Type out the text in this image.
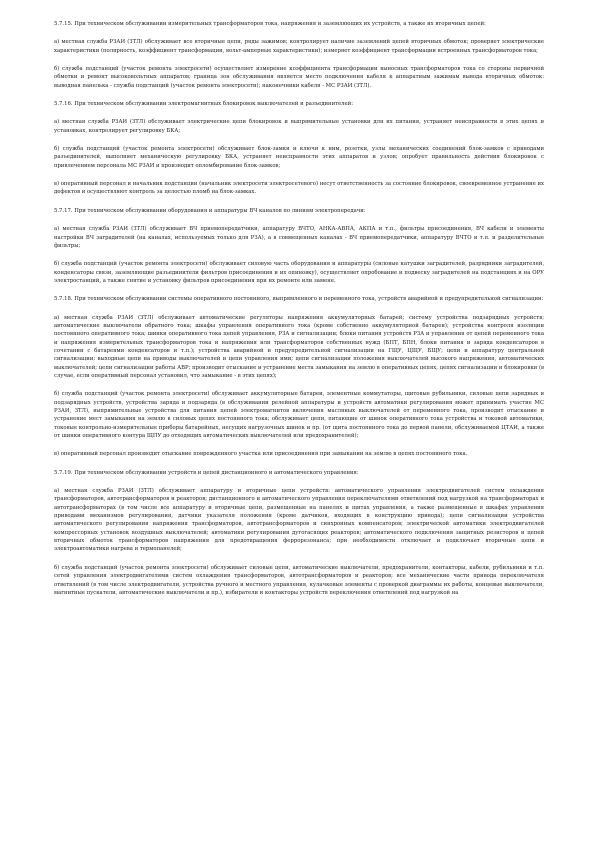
5.7.15. При техническом обслуживании измерительных трансформаторов тока, напряжения и заземляющих их устройств, а также их вторичных цепей:

а) местная служба РЗАИ (ЗТЛ) обслуживает все вторичные цепи, ряды зажимов; контролирует наличие заземлений цепей вторичных обмоток; проверяет электрические характеристики (полярность, коэффициент трансформации, вольт-амперные характеристики); измеряет коэффициент трансформации встроенных трансформаторов тока;

б) служба подстанций (участок ремонта электросети) осуществляет измерение коэффициента трансформации выносных трансформаторов тока со стороны первичной обмотки и ремонт высоковольтных аппаратов; граница зон обслуживания является место подключения кабеля к аппаратным зажимам вывода вторичных обмоток: выводная панелька - служба подстанций (участок ремонта электросети); наконечники кабеля - МС РЗАИ (ЗТЛ).

5.7.16. При техническом обслуживании электромагнитных блокировок выключателей и разъединителей:

а) местная служба РЗАИ (ЗТЛ) обслуживает электрические цепи блокировок и выпрямительные установки для их питания, устраняет неисправности в этих цепях и установках, контролирует регулировку БКА;

б) служба подстанций (участок ремонта электросети) обслуживает блок-замки и ключи к ним, розетки, узлы механических соединений блок-замков с приводами разъединителей, выполняет механическую регулировку БКА, устраняет неисправности этих аппаратов и узлов; опробует правильность действия блокировок с привлечением персонала МС РЗАИ и производит опломбирование блок-замков;

в) оперативный персонал и начальник подстанции (начальник электросети электросетевого) несут ответственность за состояние блокировок, своевременное устранение их дефектов и осуществляют контроль за целостью пломб на блок-замках.

5.7.17. При техническом обслуживании оборудования и аппаратуры ВЧ каналов по линиям электропередачи:

а) местная служба РЗАИ (ЗТЛ) обслуживает ВЧ приемопередатчики, аппаратуру ВЧТО, АНКА-АВПА, АКПА и т.п., фильтры присоединения, ВЧ кабели и элементы настройки ВЧ заградителей (на каналах, используемых только для РЗА), а в совмещенных каналах - ВЧ приемопередатчики, аппаратуру ВЧТО и т.п. и разделительные фильтры;

б) служба подстанций (участок ремонта электросети) обслуживает силовую часть оборудования и аппаратуры (силовые катушки заградителей, разрядники заградителей, конденсаторы связи, заземляющие разъединители фильтров присоединения и их опиновку), осуществляет опробование и подвеску заградителей на подстанциях и на ОРУ электростанций, а также снятие и установку фильтров присоединения при их ремонте или замене.

5.7.18. При техническом обслуживании системы оперативного постоянного, выпрямленного и переменного тока, устройств аварийной и предупредительной сигнализации:

а) местная служба РЗАИ (ЗТЛ) обслуживает автоматические регуляторы напряжения аккумуляторных батарей; систему устройства подзарядных устройств; автоматические выключатели обратного тока; шкафы управления оперативного тока (кроме собственно аккумуляторной батареи); устройства контроля изоляции постоянного оперативного тока; шинки оперативного тока цепей управления, РЗА и сигнализации; блоки питания устройств РЗА и управления от цепей переменного тока и напряжения измерительных трансформаторов тока и напряжения или трансформаторов собственных нужд (БПТ, БПН, блоки питания и заряда конденсаторов в сочетании с батареями конденсаторов и т.п.); устройства аварийной и предупредительной сигнализации на ГЩУ, ЦЩУ, БЩУ; цепи и аппаратуру центральной сигнализации; выходные цепи на приводы выключателей и цепи управления ими; цепи сигнализации положения выключателей высокого напряжения, автоматических выключателей; цепи сигнализации работы АВР; производит отыскание и устранение места замыкания на землю в оперативных цепях, цепях сигнализации и блокировки (в случае, если оперативный персонал установил, что замыкание - в этих цепях);

б) служба подстанций (участок ремонта электросети) обслуживает аккумуляторные батареи, элементные коммутаторы, щитовые рубильники, силовые цепи зарядных и подзарядных устройств, устройства заряда и подзаряда (в обслуживании релейной аппаратуры и устройств автоматики регулирования может принимать участие МС РЗАИ, ЗТЛ), выпрямительные устройства для питания цепей электромагнитов включения масляных выключателей от переменного тока, производит отыскание и устранение мест замыкания на землю в силовых цепях постоянного тока; обслуживает цепи, питающие от шинок оперативного тока устройства и токовой автоматики, токовые контрольно-измерительные приборы батарейных, несущих нагрузочных шинок и пр. (от щита постоянного тока до первой панели, обслуживаемой ЦТАИ, а также от шинки оперативного контура ЩПУ до отходящих автоматических выключателей или предохранителей);

в) оперативный персонал производит отыскание поврежденного участка или присоединения при замыкании на землю в цепях постоянного тока.

5.7.19. При техническом обслуживании устройств и цепей дистанционного и автоматического управления:

а) местная служба РЗАИ (ЗТЛ) обслуживает аппаратуру и вторичные цепи устройств: автоматического управления электродвигателей систем охлаждения трансформаторов, автотрансформаторов и реакторов; дистанционного и автоматического управления переключателями ответвлений под нагрузкой на трансформаторах и автотрансформаторах (в том числе все аппаратуру и вторичные цепи, размещенные на панелях и щитах управления, а также размещенные в шкафах управления приводами механизмов регулирования, датчики указателя положения (кроме датчиков, входящих в конструкцию привода); цепи сигнализации устройства автоматического регулирования напряжения трансформаторов, автотрансформаторов и синхронных компенсаторов; электрической автоматики электродвигателей компрессорных установок воздушных выключателей; автоматики регулирования дугогасящих реакторов; автоматического подключения защитных резисторов и цепей вторичных обмоток трансформаторов напряжения для предотвращения феррорезонанса; при необходимости отключает и подключает вторичные цепи и электроавтоматики нагрева и термопанелей;

б) служба подстанций (участок ремонта электросети) обслуживает силовые цепи, автоматические выключатели, предохранители, контакторы, кабели, рубильники и т.п. сетей управления электродвигателями систем охлаждения трансформаторов, автотрансформаторов и реакторов; все механические части привода переключателя ответвлений (в том числе электродвигатели, устройства ручного и местного управления, кулачковые элементы с проверкой диаграммы их работы, концевые выключатели, магнитные пускатели, автоматические выключатели и пр.), избиратели и контакторы устройств переключения ответвлений под нагрузкой на
